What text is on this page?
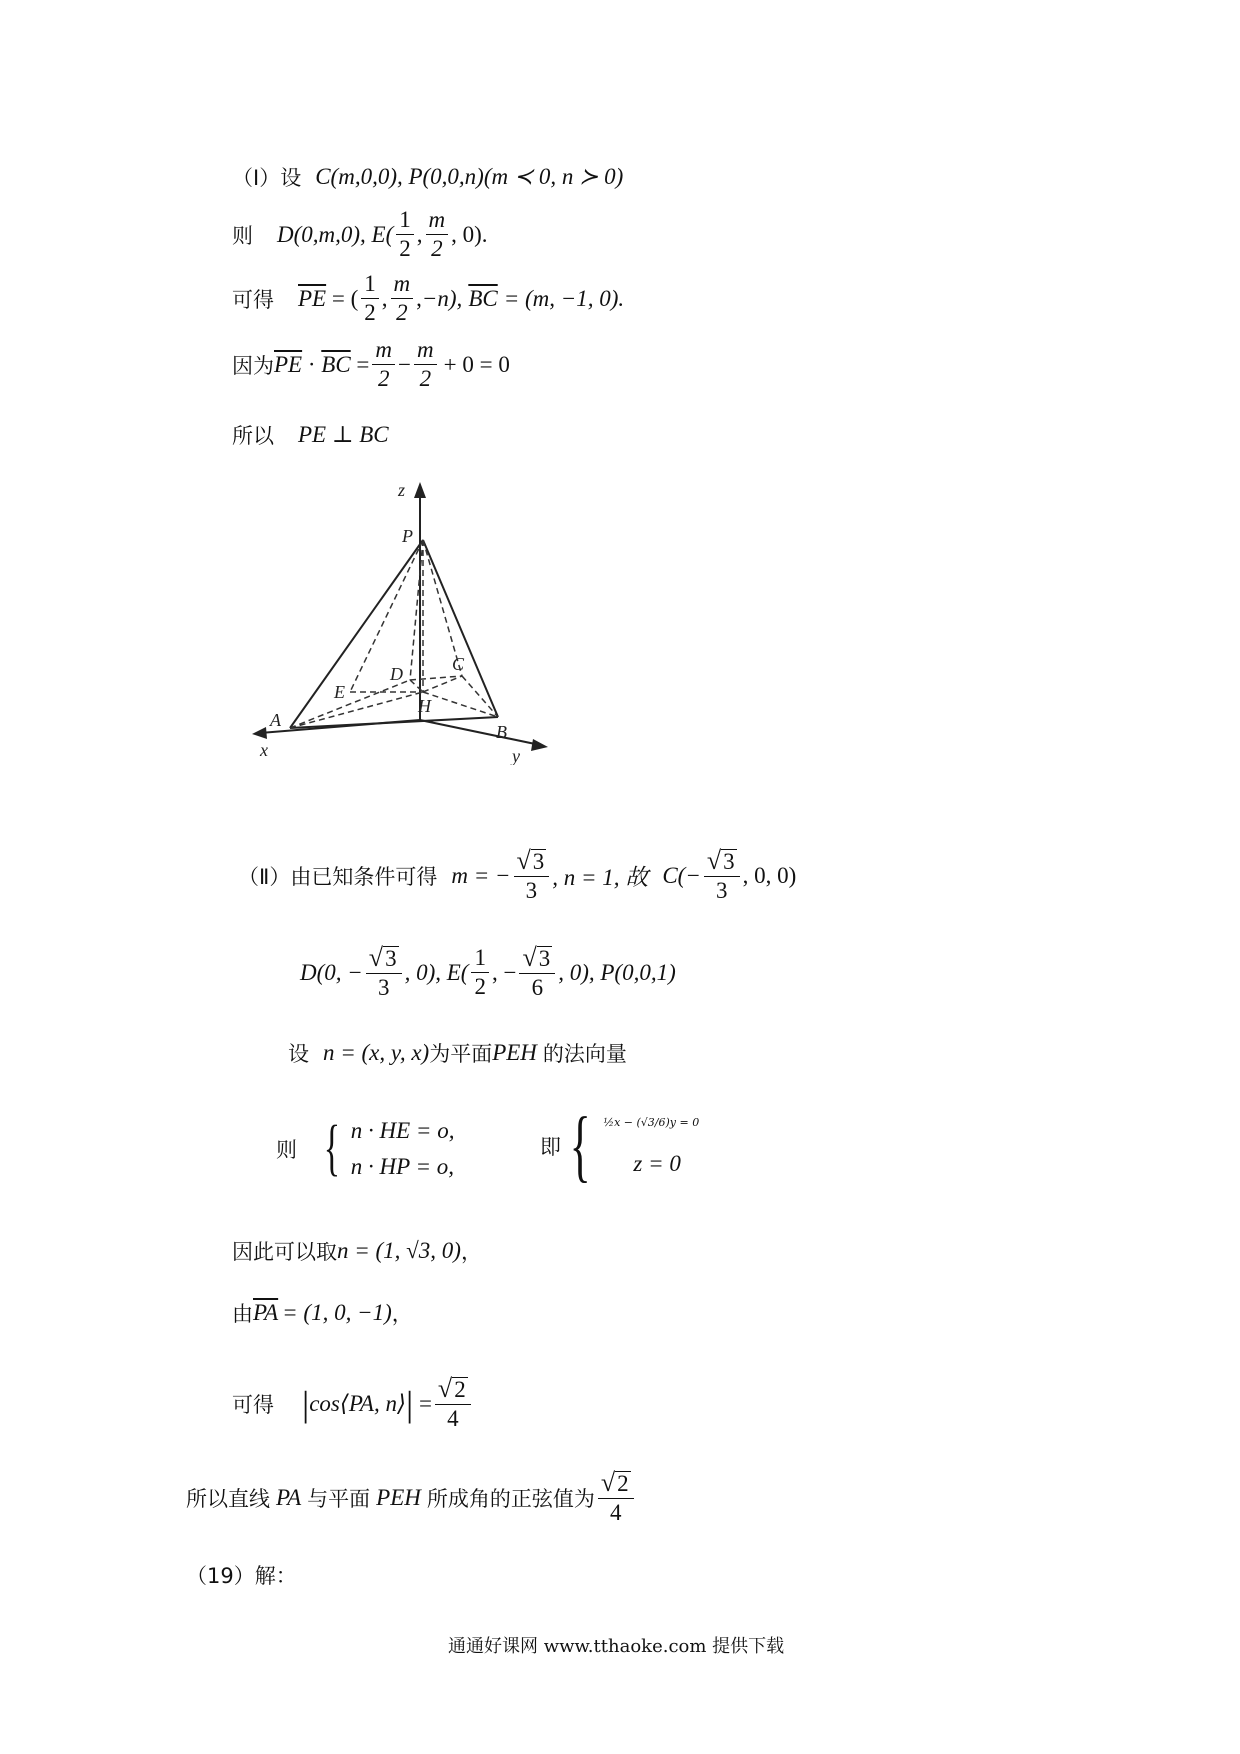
（Ⅰ）设 C(m,0,0), P(0,0,n)(m ≺ 0, n ≻ 0)
则 D(0,m,0), $E( \frac{1}{2}$ , $\frac{m}{2}$ , 0).
可得 $\overline{PE}$ = ( $\frac{1}{2}$ , $\frac{m}{2}$ , −n), $\overline{BC} = (m$, −1, 0).
因为 $\overline{PE} \cdot \overline{BC} = \frac{m}{2} - \frac{m}{2} + 0 = 0$
所以 PE ⊥ BC
z
P
D	C
E
H
A
B
x	y
（Ⅱ）由已知条件可得 m = − $\frac{√ 3}{3}$ , n = 1, 故 $C(- \frac{√ 3}{3}$ , 0, 0)
D(0, − $\frac{√ 3}{3}$ , 0), $E( \frac{1}{2}$ , − $\frac{√ 3}{6}$ , 0), P(0,0,1)
设 n = (x, y, x) 为平面 PEH 的法向量
则 { n · HE = o,
n · HP = o,
即 { ½x − (√3/6)y = 0
z = 0
因此可以取 n = (1, √3, 0) ，
由 $\overline{PA} = (1$, 0, −1) ，
可得 | cos⟨PA, n⟩ | = $\frac{√ 2}{4}$
所以直线 PA 与平面 PEH 所成角的正弦值为 $\frac{√ 2}{4}$
（19）解：
通通好课网 www.tthaoke.com 提供下载
